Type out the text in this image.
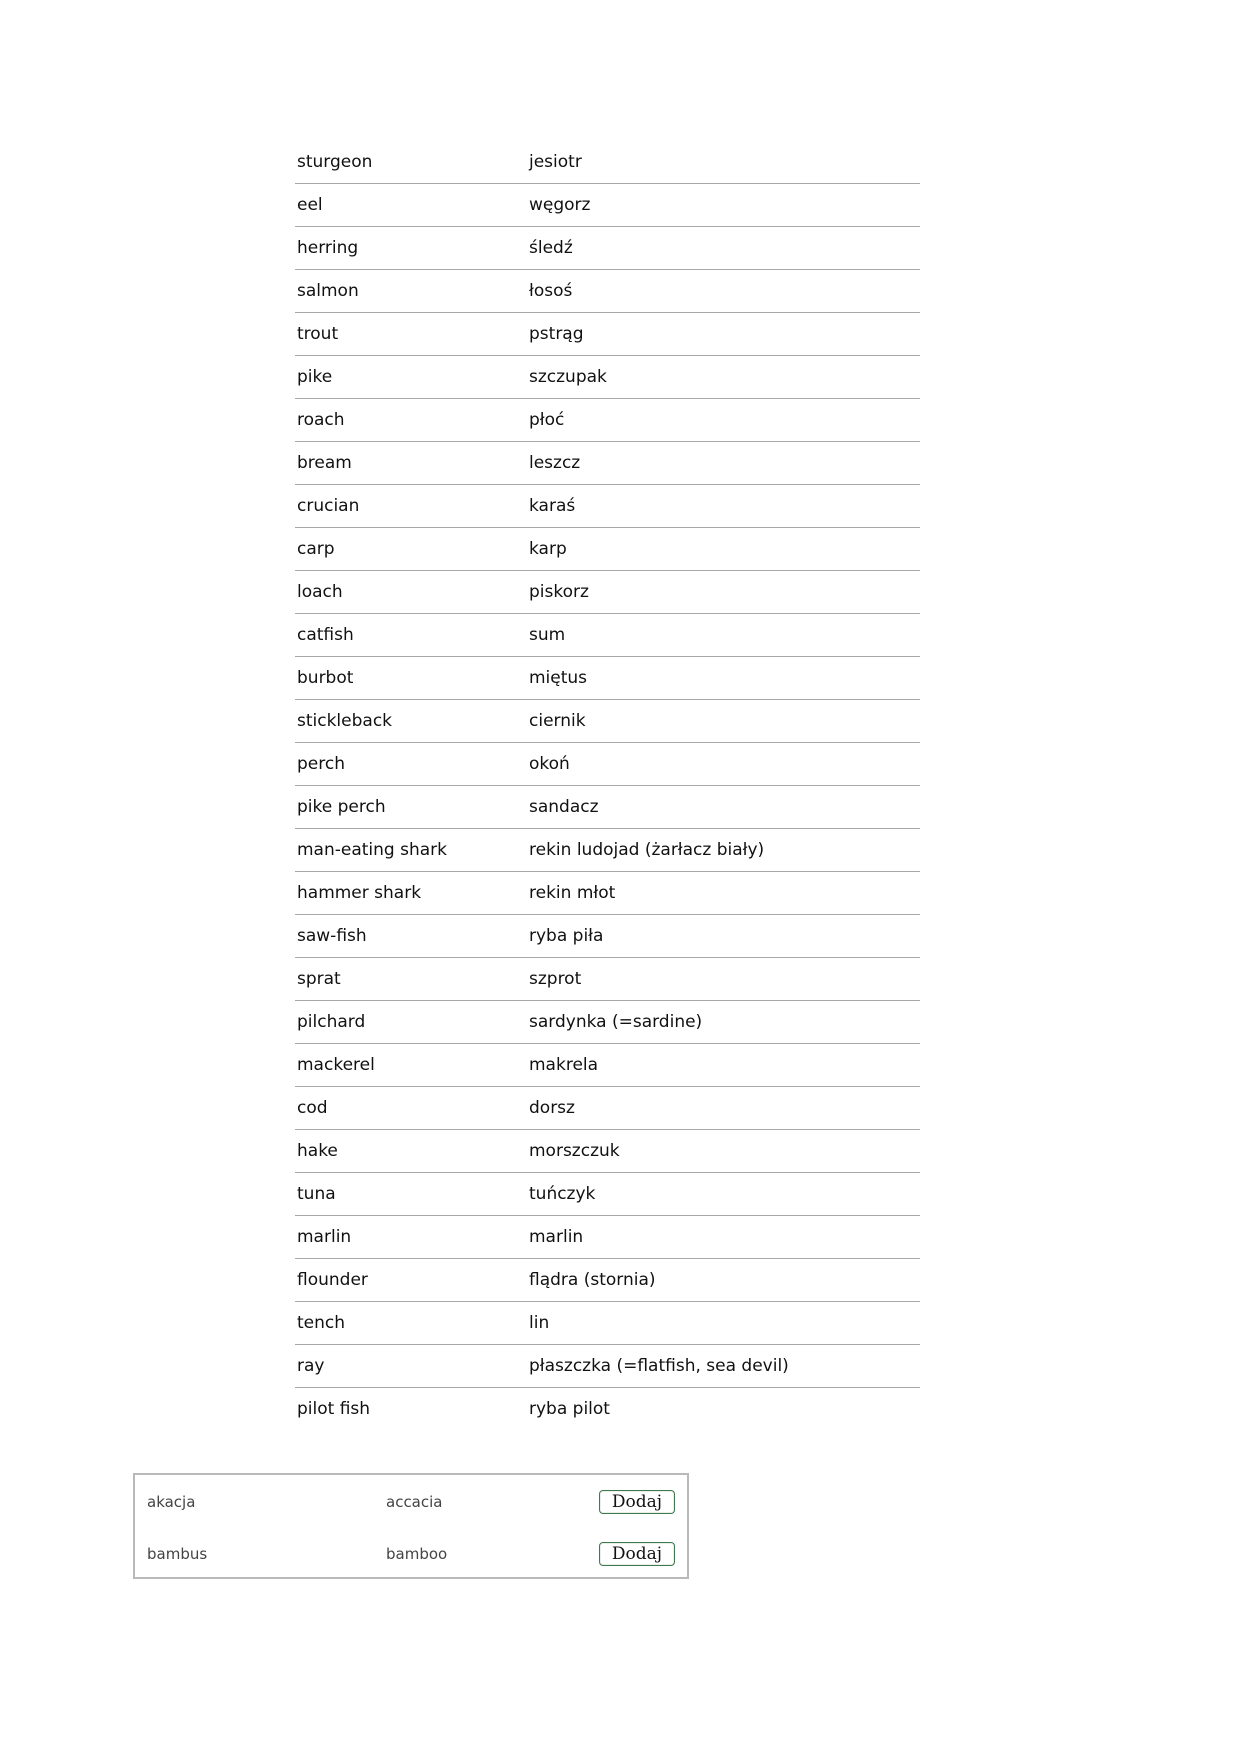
sturgeon	jesiotr
eel	węgorz
herring	śledź
salmon	łosoś
trout	pstrąg
pike	szczupak
roach	płoć
bream	leszcz
crucian	karaś
carp	karp
loach	piskorz
catfish	sum
burbot	miętus
stickleback	ciernik
perch	okoń
pike perch	sandacz
man-eating shark	rekin ludojad (żarłacz biały)
hammer shark	rekin młot
saw-fish	ryba piła
sprat	szprot
pilchard	sardynka (=sardine)
mackerel	makrela
cod	dorsz
hake	morszczuk
tuna	tuńczyk
marlin	marlin
flounder	flądra (stornia)
tench	lin
ray	płaszczka (=flatfish, sea devil)
pilot fish	ryba pilot
akacja	accacia	Dodaj
bambus	bamboo	Dodaj
